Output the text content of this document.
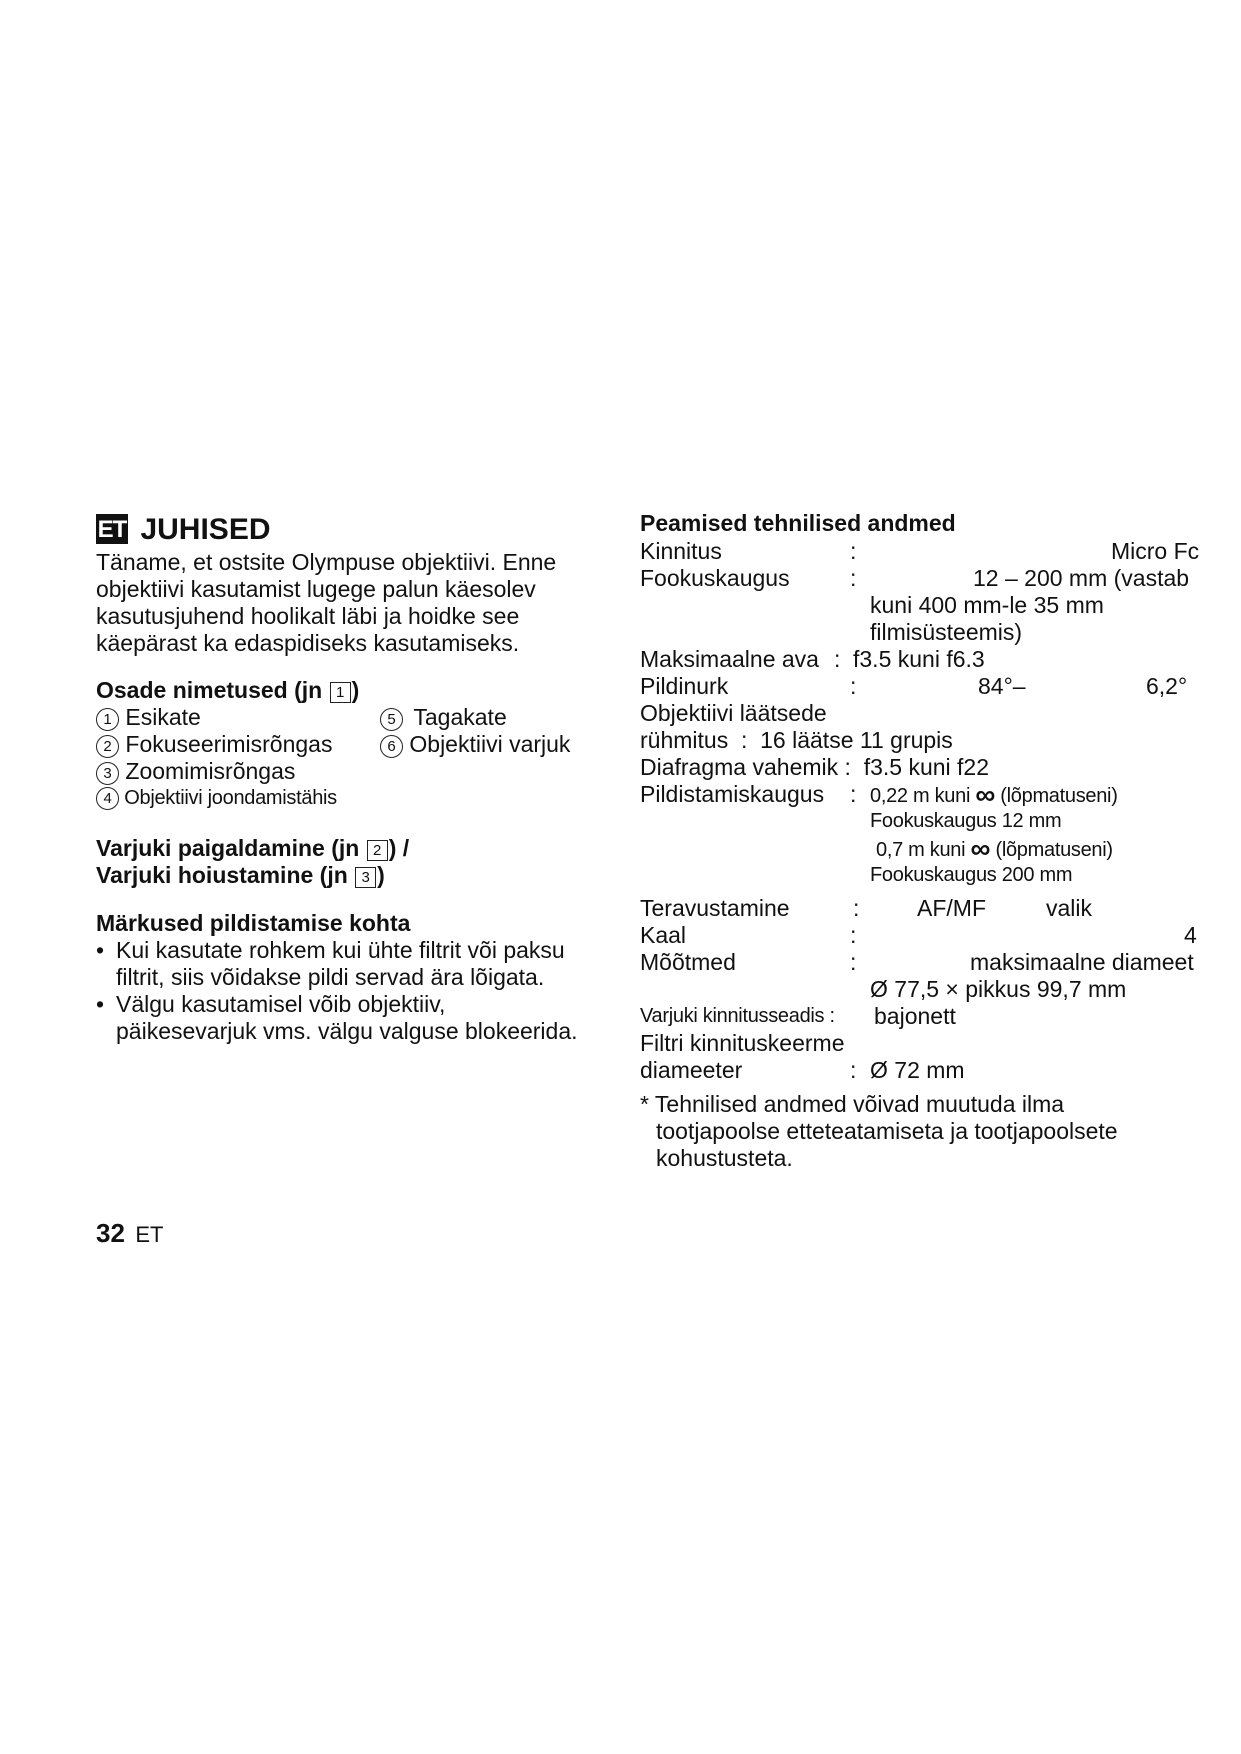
ET JUHISED
Täname, et ostsite Olympuse objektiivi. Enne
objektiivi kasutamist lugege palun käesolev
kasutusjuhend hoolikalt läbi ja hoidke see
käepärast ka edaspidiseks kasutamiseks.
Osade nimetused (jn 1 )
1 Esikate
2 Fokuseerimisrõngas
3 Zoomimisrõngas
4 Objektiivi joondamistähis
5 Tagakate
6 Objektiivi varjuk
Varjuki paigaldamine (jn 2 ) /
Varjuki hoiustamine (jn 3 )
Märkused pildistamise kohta
• Kui kasutate rohkem kui ühte filtrit või paksu
filtrit, siis võidakse pildi servad ära lõigata.
• Välgu kasutamisel võib objektiiv,
päikesevarjuk vms. välgu valguse blokeerida.
Peamised tehnilised andmed
Kinnitus	:	Micro Fc
Fookuskaugus	:	12 – 200 mm (vastab
kuni 400 mm-le 35 mm
filmisüsteemis)
Maksimaalne ava : f3.5 kuni f6.3
Pildinurk	:	84°–	6,2°
Objektiivi läätsede
rühmitus  :  16 läätse 11 grupis
Diafragma vahemik :  f3.5 kuni f22
Pildistamiskaugus : 0,22 m kuni ∞ (lõpmatuseni)
Fookuskaugus 12 mm
0,7 m kuni ∞ (lõpmatuseni)
Fookuskaugus 200 mm
Teravustamine	:	AF/MF	valik
Kaal	:	4
Mõõtmed	:	maksimaalne diameet
Ø 77,5 × pikkus 99,7 mm
Varjuki kinnitusseadis : bajonett
Filtri kinnituskeerme
diameeter	: Ø 72 mm
* Tehnilised andmed võivad muutuda ilma
tootjapoolse etteteatamiseta ja tootjapoolsete
kohustusteta.
32 ET
